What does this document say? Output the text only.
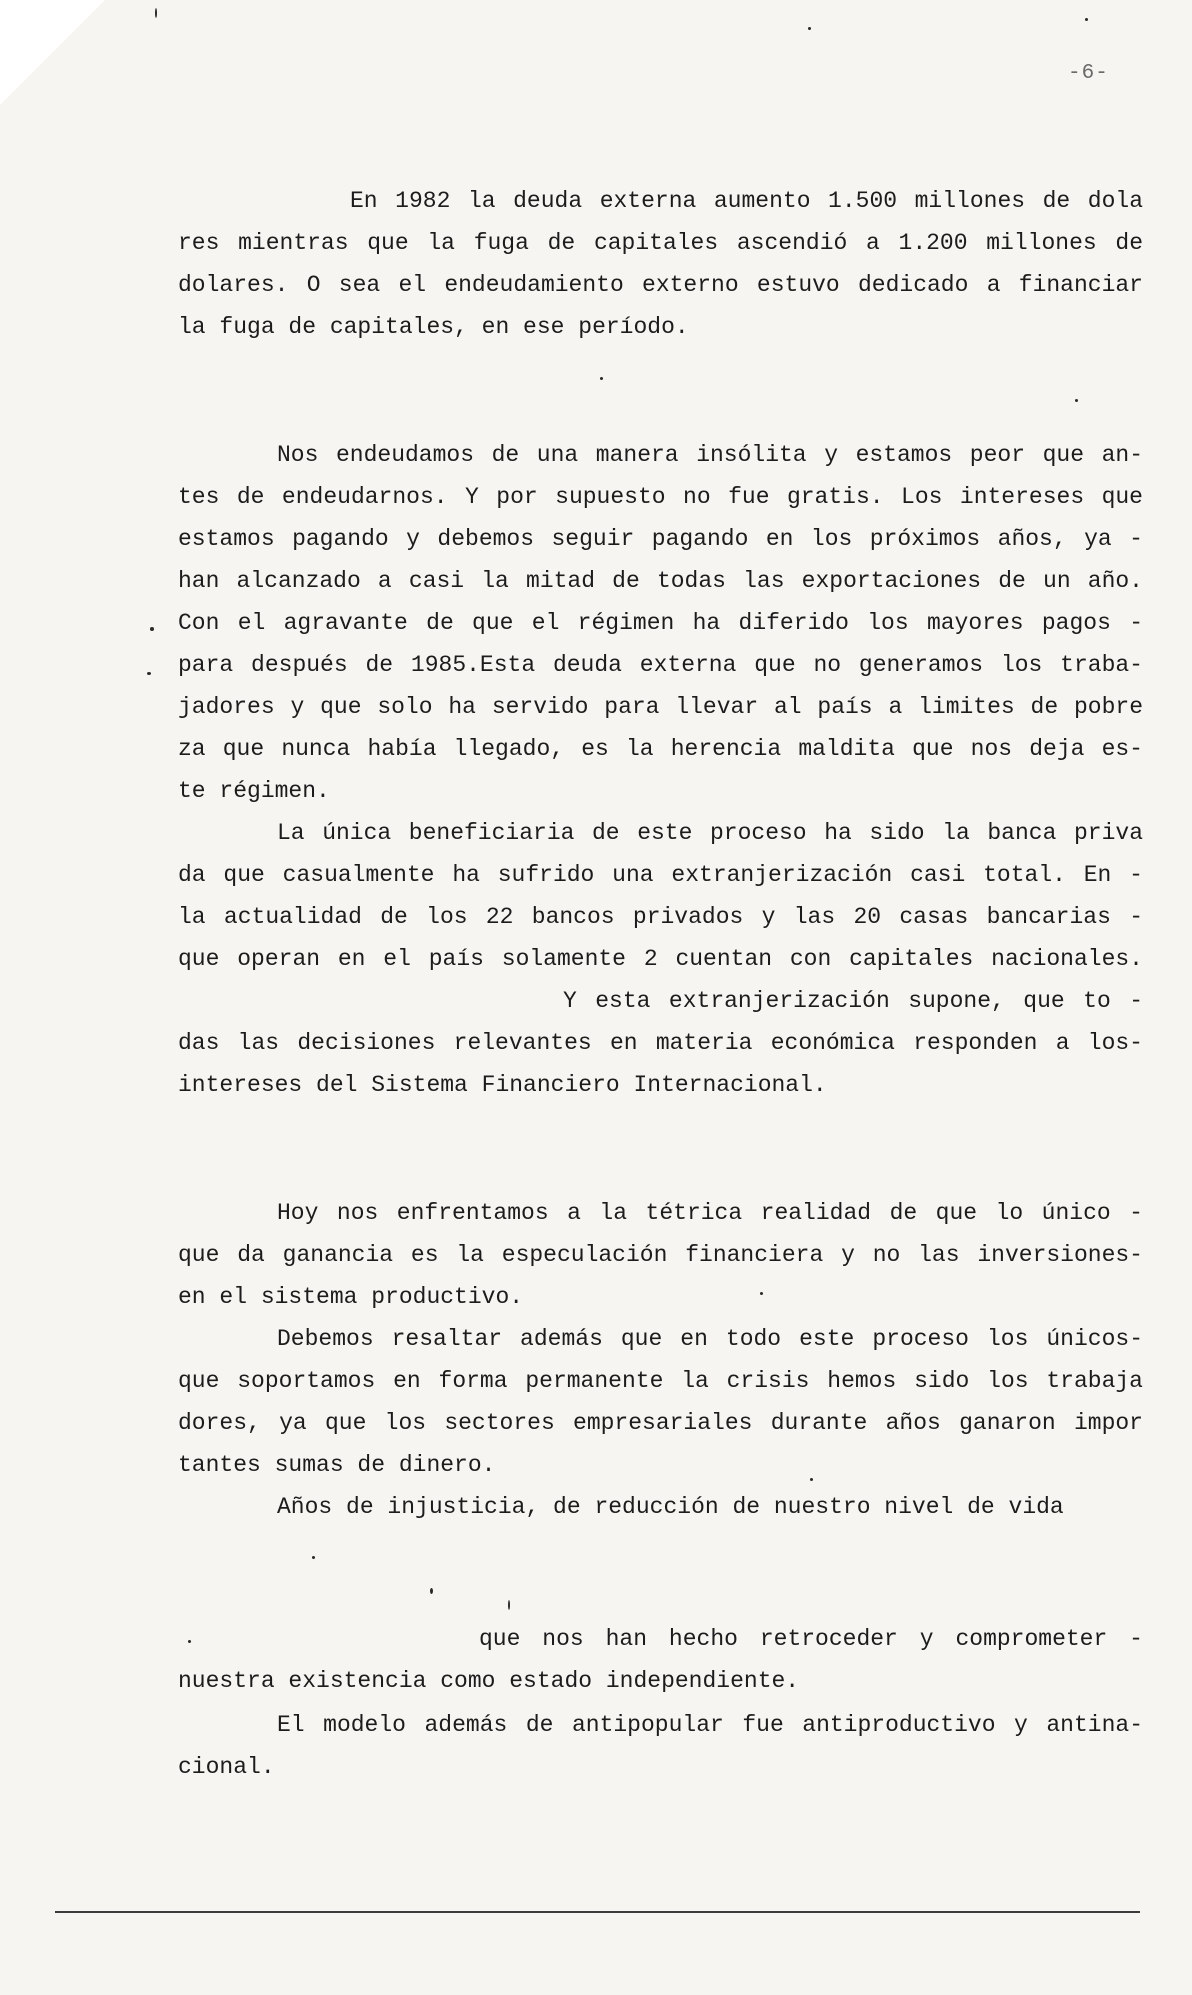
-6-
En 1982 la deuda externa aumento 1.500 millones de dola
res mientras que la fuga de capitales ascendió a 1.200 millones de
dolares. O sea el endeudamiento externo estuvo dedicado a financiar
la fuga de capitales, en ese período.
Nos endeudamos de una manera insólita y estamos peor que an-
tes de endeudarnos. Y por supuesto no fue gratis. Los intereses que
estamos pagando y debemos seguir pagando en los próximos años, ya -
han alcanzado a casi la mitad de todas las exportaciones de un año.
Con el agravante de que el régimen ha diferido los mayores pagos -
para después de 1985.Esta deuda externa que no generamos los traba-
jadores y que solo ha servido para llevar al país a limites de pobre
za que nunca había llegado, es la herencia maldita que nos deja es-
te régimen.
La única beneficiaria de este proceso ha sido la banca priva
da que casualmente ha sufrido una extranjerización casi total. En -
la actualidad de los 22 bancos privados y las 20 casas bancarias -
que operan en el país solamente 2 cuentan con capitales nacionales.
Y esta extranjerización supone, que to -
das las decisiones relevantes en materia económica responden a los-
intereses del Sistema Financiero Internacional.
Hoy nos enfrentamos a la tétrica realidad de que lo único -
que da ganancia es la especulación financiera y no las inversiones-
en el sistema productivo.
Debemos resaltar además que en todo este proceso los únicos-
que soportamos en forma permanente la crisis hemos sido los trabaja
dores, ya que los sectores empresariales durante años ganaron impor
tantes sumas de dinero.
Años de injusticia, de reducción de nuestro nivel de vida
que nos han hecho retroceder y comprometer -
nuestra existencia como estado independiente.
El modelo además de antipopular fue antiproductivo y antina-
cional.
